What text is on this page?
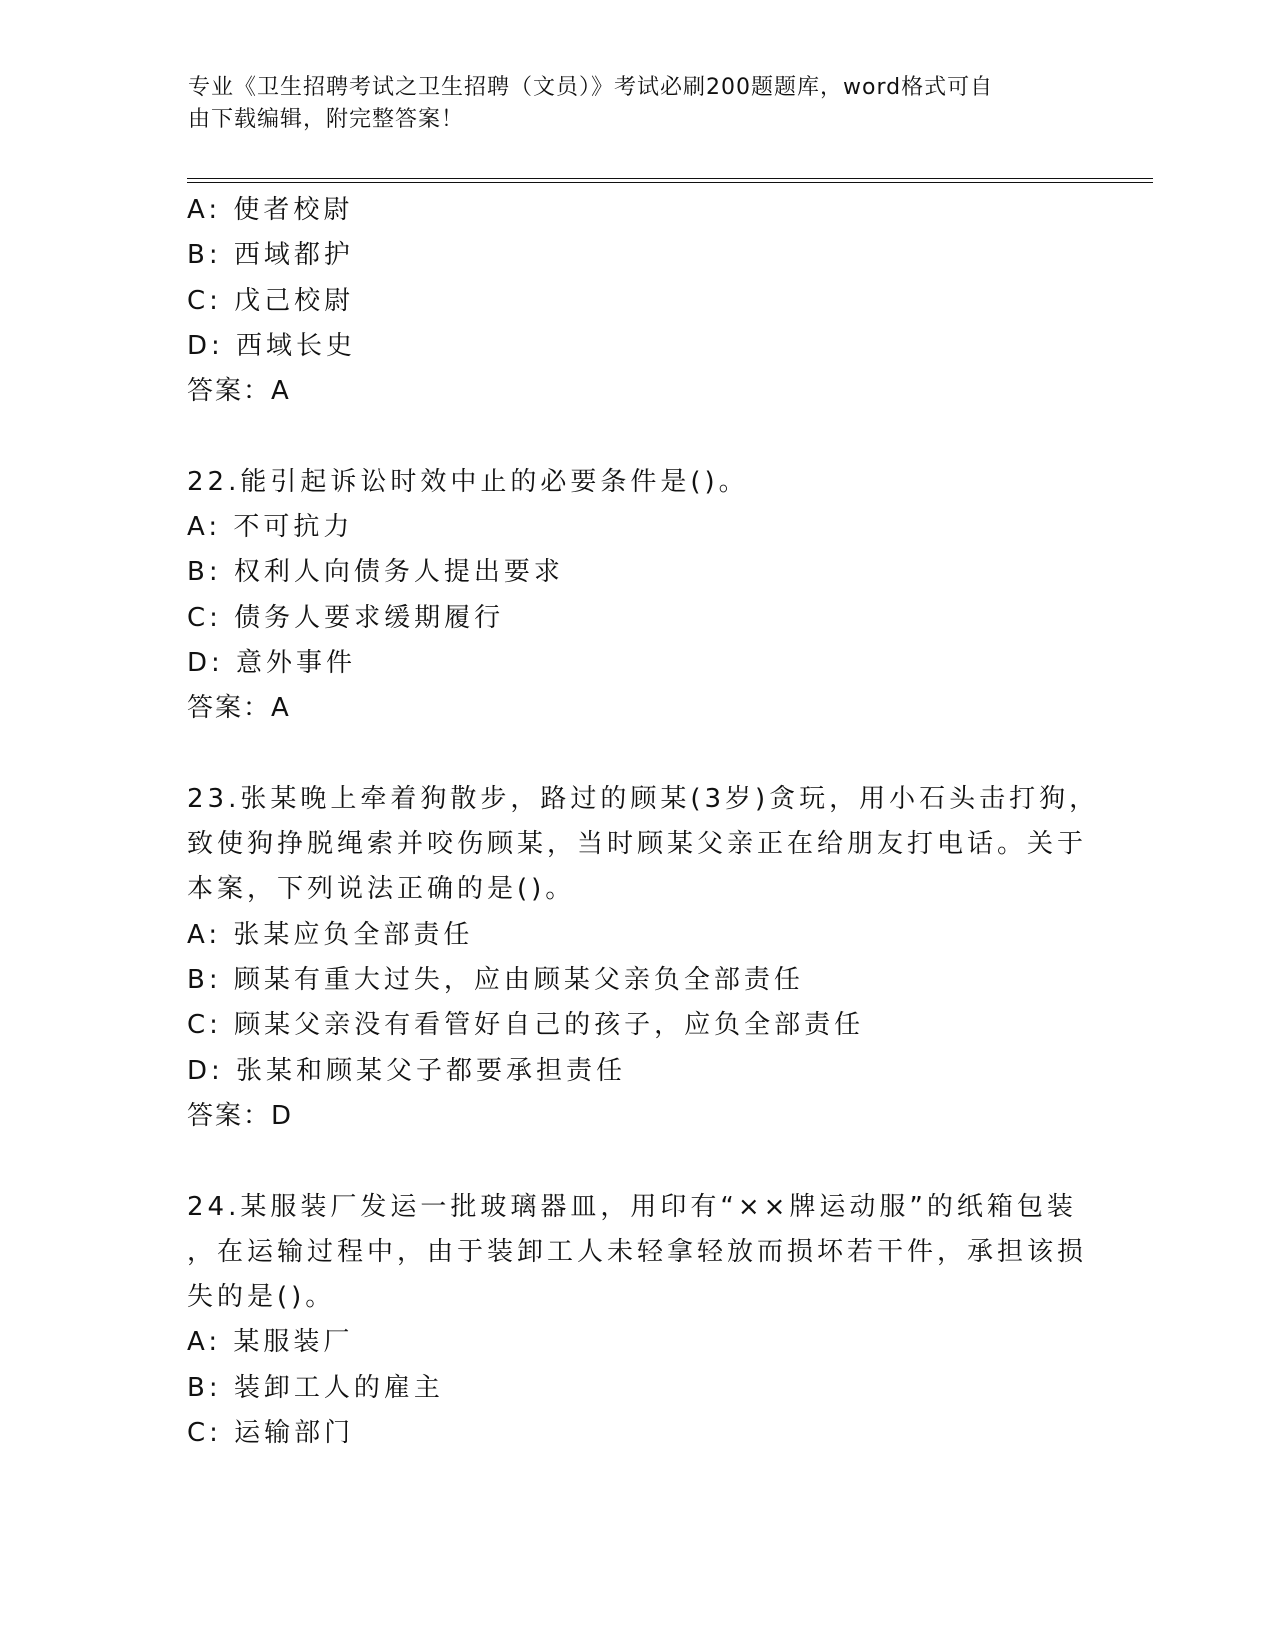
专业《卫生招聘考试之卫生招聘（文员）》考试必刷200题题库，word格式可自
由下载编辑，附完整答案！
A: 使者校尉
B: 西域都护
C: 戊己校尉
D: 西域长史
答案：A
22.能引起诉讼时效中止的必要条件是()。
A: 不可抗力
B: 权利人向债务人提出要求
C: 债务人要求缓期履行
D: 意外事件
答案：A
23.张某晚上牵着狗散步，路过的顾某(3岁)贪玩，用小石头击打狗，
致使狗挣脱绳索并咬伤顾某，当时顾某父亲正在给朋友打电话。关于
本案，下列说法正确的是()。
A: 张某应负全部责任
B: 顾某有重大过失，应由顾某父亲负全部责任
C: 顾某父亲没有看管好自己的孩子，应负全部责任
D: 张某和顾某父子都要承担责任
答案：D
24.某服装厂发运一批玻璃器皿，用印有“××牌运动服”的纸箱包装
，在运输过程中，由于装卸工人未轻拿轻放而损坏若干件，承担该损
失的是()。
A: 某服装厂
B: 装卸工人的雇主
C: 运输部门
